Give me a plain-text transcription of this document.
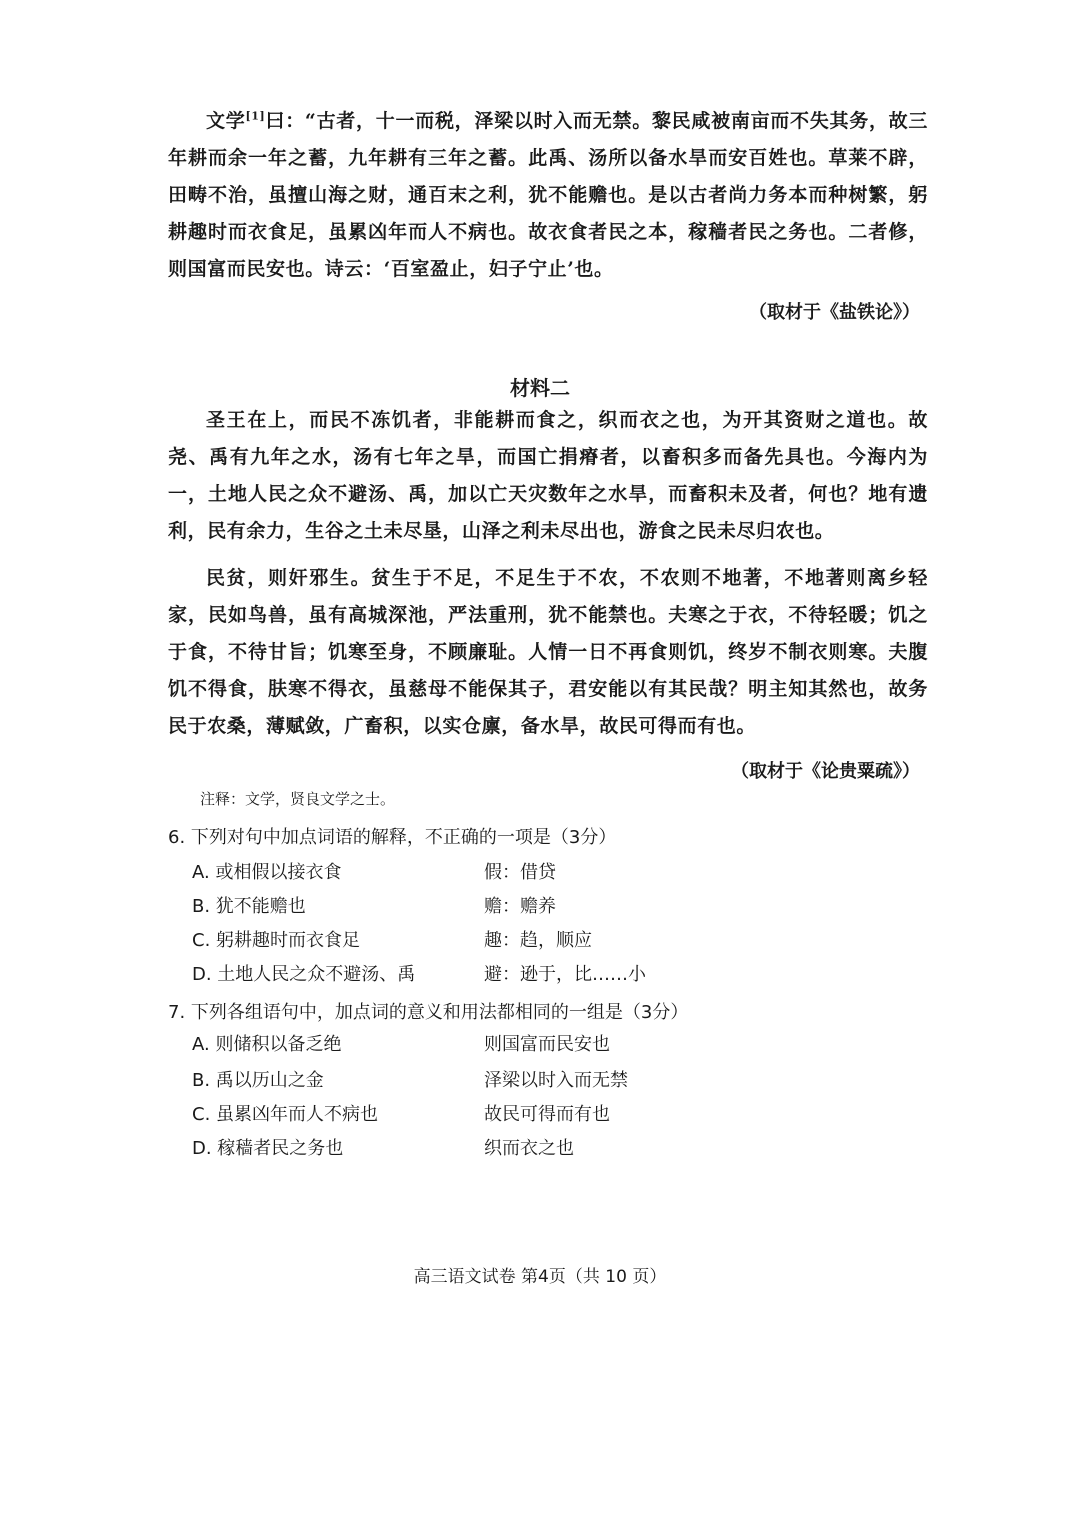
文学[1]曰：“古者，十一而税，泽梁以时入而无禁。黎民咸被南亩而不失其务，故三年耕而余一年之蓄，九年耕有三年之蓄。此禹、汤所以备水旱而安百姓也。草莱不辟，田畴不治，虽擅山海之财，通百末之利，犹不能赡也。是以古者尚力务本而种树繁，躬耕趣时而衣食足，虽累凶年而人不病也。故衣食者民之本，稼穑者民之务也。二者修，则国富而民安也。诗云：‘百室盈止，妇子宁止’也。
（取材于《盐铁论》）
材料二
圣王在上，而民不冻饥者，非能耕而食之，织而衣之也，为开其资财之道也。故尧、禹有九年之水，汤有七年之旱，而国亡捐瘠者，以畜积多而备先具也。今海内为一，土地人民之众不避汤、禹，加以亡天灾数年之水旱，而畜积未及者，何也？地有遗利，民有余力，生谷之土未尽垦，山泽之利未尽出也，游食之民未尽归农也。
民贫，则奸邪生。贫生于不足，不足生于不农，不农则不地著，不地著则离乡轻家，民如鸟兽，虽有高城深池，严法重刑，犹不能禁也。夫寒之于衣，不待轻暖；饥之于食，不待甘旨；饥寒至身，不顾廉耻。人情一日不再食则饥，终岁不制衣则寒。夫腹饥不得食，肤寒不得衣，虽慈母不能保其子，君安能以有其民哉？明主知其然也，故务民于农桑，薄赋敛，广畜积，以实仓廪，备水旱，故民可得而有也。
（取材于《论贵粟疏》）
注释：文学，贤良文学之士。
6. 下列对句中加点词语的解释，不正确的一项是（3分）
A. 或相假以接衣食	假：借贷
B. 犹不能赡也	赡：赡养
C. 躬耕趣时而衣食足	趣：趋，顺应
D. 土地人民之众不避汤、禹	避：逊于，比……小
7. 下列各组语句中，加点词的意义和用法都相同的一组是（3分）
A. 则储积以备乏绝	则国富而民安也
B. 禹以历山之金	泽梁以时入而无禁
C. 虽累凶年而人不病也	故民可得而有也
D. 稼穑者民之务也	织而衣之也
高三语文试卷 第4页（共 10 页）
